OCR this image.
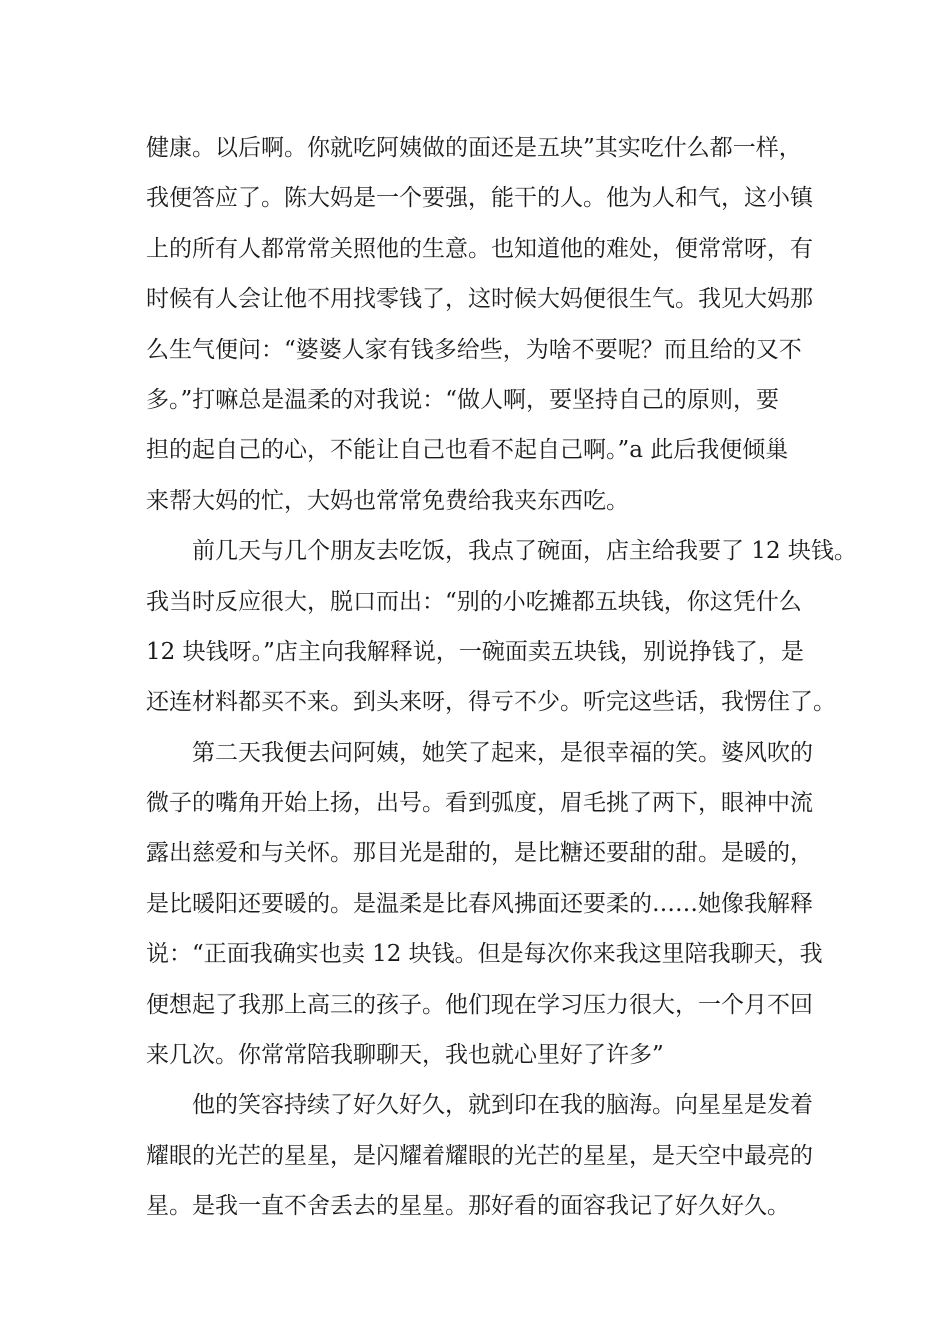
健康。以后啊。你就吃阿姨做的面还是五块”其实吃什么都一样，
我便答应了。陈大妈是一个要强，能干的人。他为人和气，这小镇
上的所有人都常常关照他的生意。也知道他的难处，便常常呀，有
时候有人会让他不用找零钱了，这时候大妈便很生气。我见大妈那
么生气便问：“婆婆人家有钱多给些，为啥不要呢？而且给的又不
多。”打嘛总是温柔的对我说：“做人啊，要坚持自己的原则，要
担的起自己的心，不能让自己也看不起自己啊。”a 此后我便倾巢
来帮大妈的忙，大妈也常常免费给我夹东西吃。
前几天与几个朋友去吃饭，我点了碗面，店主给我要了 12 块钱。
我当时反应很大，脱口而出：“别的小吃摊都五块钱，你这凭什么
12 块钱呀。”店主向我解释说，一碗面卖五块钱，别说挣钱了，是
还连材料都买不来。到头来呀，得亏不少。听完这些话，我愣住了。
第二天我便去问阿姨，她笑了起来，是很幸福的笑。婆风吹的
微子的嘴角开始上扬，出号。看到弧度，眉毛挑了两下，眼神中流
露出慈爱和与关怀。那目光是甜的，是比糖还要甜的甜。是暖的，
是比暖阳还要暖的。是温柔是比春风拂面还要柔的……她像我解释
说：“正面我确实也卖 12 块钱。但是每次你来我这里陪我聊天，我
便想起了我那上高三的孩子。他们现在学习压力很大，一个月不回
来几次。你常常陪我聊聊天，我也就心里好了许多”
他的笑容持续了好久好久，就到印在我的脑海。向星星是发着
耀眼的光芒的星星，是闪耀着耀眼的光芒的星星，是天空中最亮的
星。是我一直不舍丢去的星星。那好看的面容我记了好久好久。
